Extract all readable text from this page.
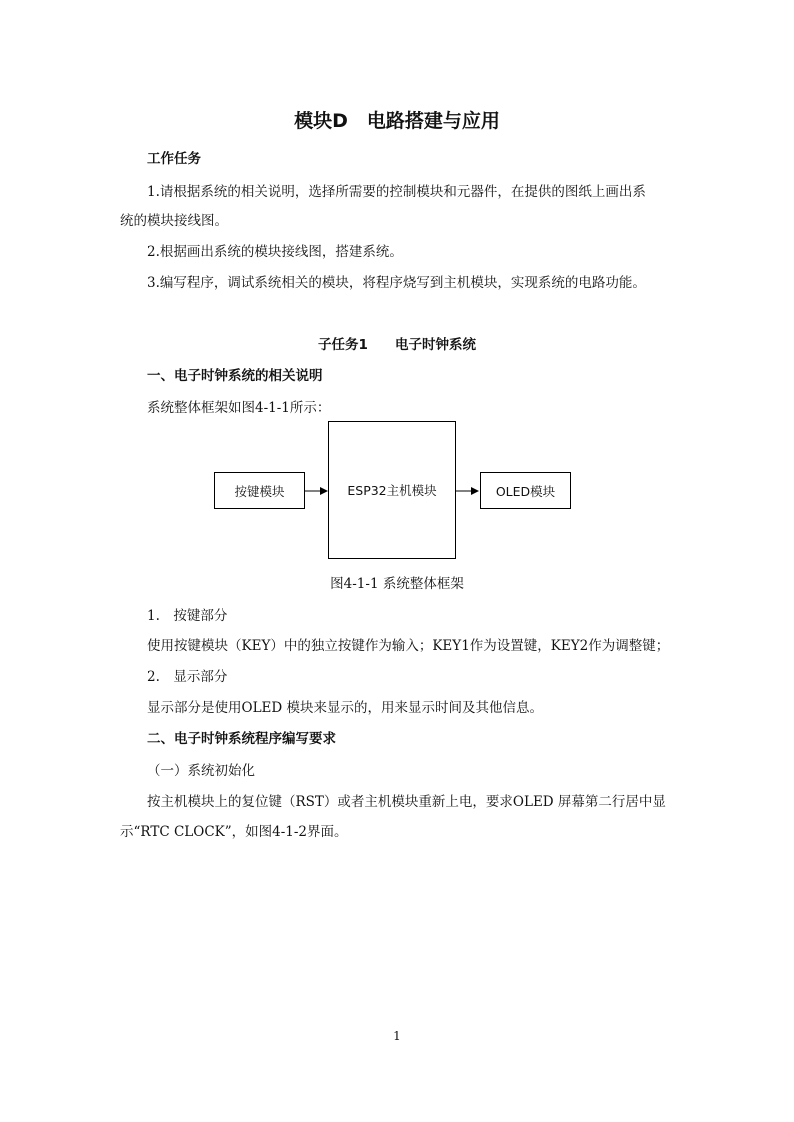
模块D　电路搭建与应用
工作任务
1.请根据系统的相关说明，选择所需要的控制模块和元器件，在提供的图纸上画出系
统的模块接线图。
2.根据画出系统的模块接线图，搭建系统。
3.编写程序，调试系统相关的模块，将程序烧写到主机模块，实现系统的电路功能。
子任务1　　电子时钟系统
一、电子时钟系统的相关说明
系统整体框架如图4-1-1所示：
按键模块	ESP32主机模块	OLED模块
图4-1-1 系统整体框架
1.　按键部分
使用按键模块（KEY）中的独立按键作为输入；KEY1作为设置键，KEY2作为调整键；
2.　显示部分
显示部分是使用OLED 模块来显示的，用来显示时间及其他信息。
二、电子时钟系统程序编写要求
（一）系统初始化
按主机模块上的复位键（RST）或者主机模块重新上电，要求OLED 屏幕第二行居中显
示“RTC CLOCK”，如图4-1-2界面。
1
